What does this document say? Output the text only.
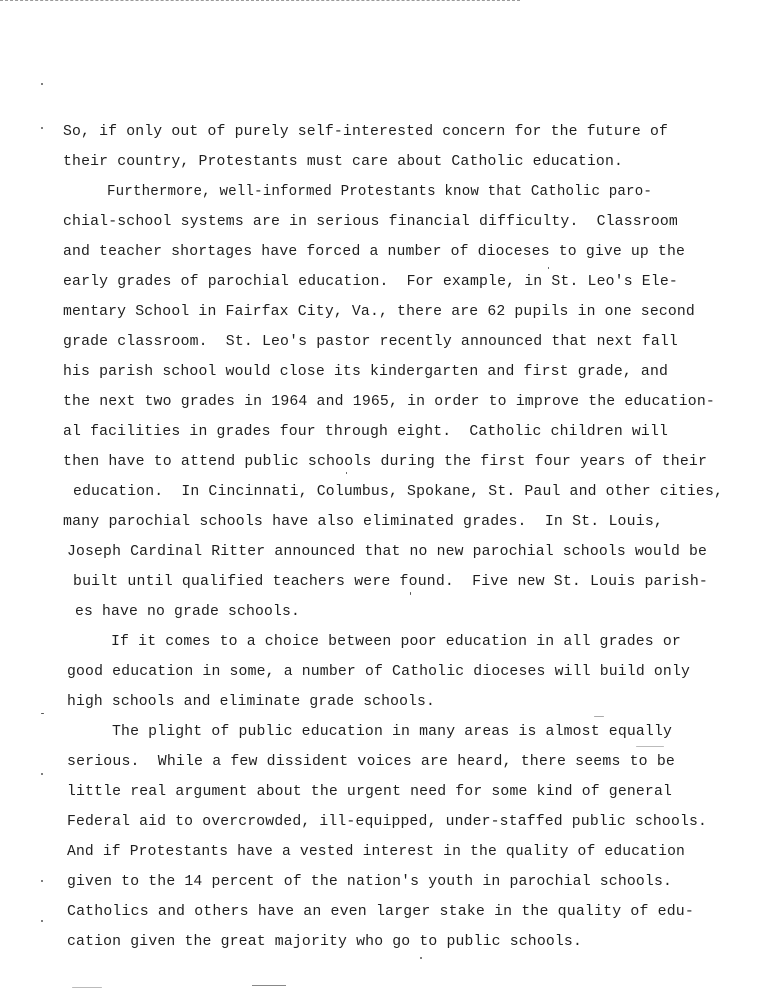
So, if only out of purely self-interested concern for the future of
their country, Protestants must care about Catholic education.
Furthermore, well-informed Protestants know that Catholic paro-
chial-school systems are in serious financial difficulty.  Classroom
and teacher shortages have forced a number of dioceses to give up the
early grades of parochial education.  For example, in St. Leo's Ele-
mentary School in Fairfax City, Va., there are 62 pupils in one second
grade classroom.  St. Leo's pastor recently announced that next fall
his parish school would close its kindergarten and first grade, and
the next two grades in 1964 and 1965, in order to improve the education-
al facilities in grades four through eight.  Catholic children will
then have to attend public schools during the first four years of their
education.  In Cincinnati, Columbus, Spokane, St. Paul and other cities,
many parochial schools have also eliminated grades.  In St. Louis,
Joseph Cardinal Ritter announced that no new parochial schools would be
built until qualified teachers were found.  Five new St. Louis parish-
es have no grade schools.
If it comes to a choice between poor education in all grades or
good education in some, a number of Catholic dioceses will build only
high schools and eliminate grade schools.
The plight of public education in many areas is almost equally
serious.  While a few dissident voices are heard, there seems to be
little real argument about the urgent need for some kind of general
Federal aid to overcrowded, ill-equipped, under-staffed public schools.
And if Protestants have a vested interest in the quality of education
given to the 14 percent of the nation's youth in parochial schools.
Catholics and others have an even larger stake in the quality of edu-
cation given the great majority who go to public schools.
